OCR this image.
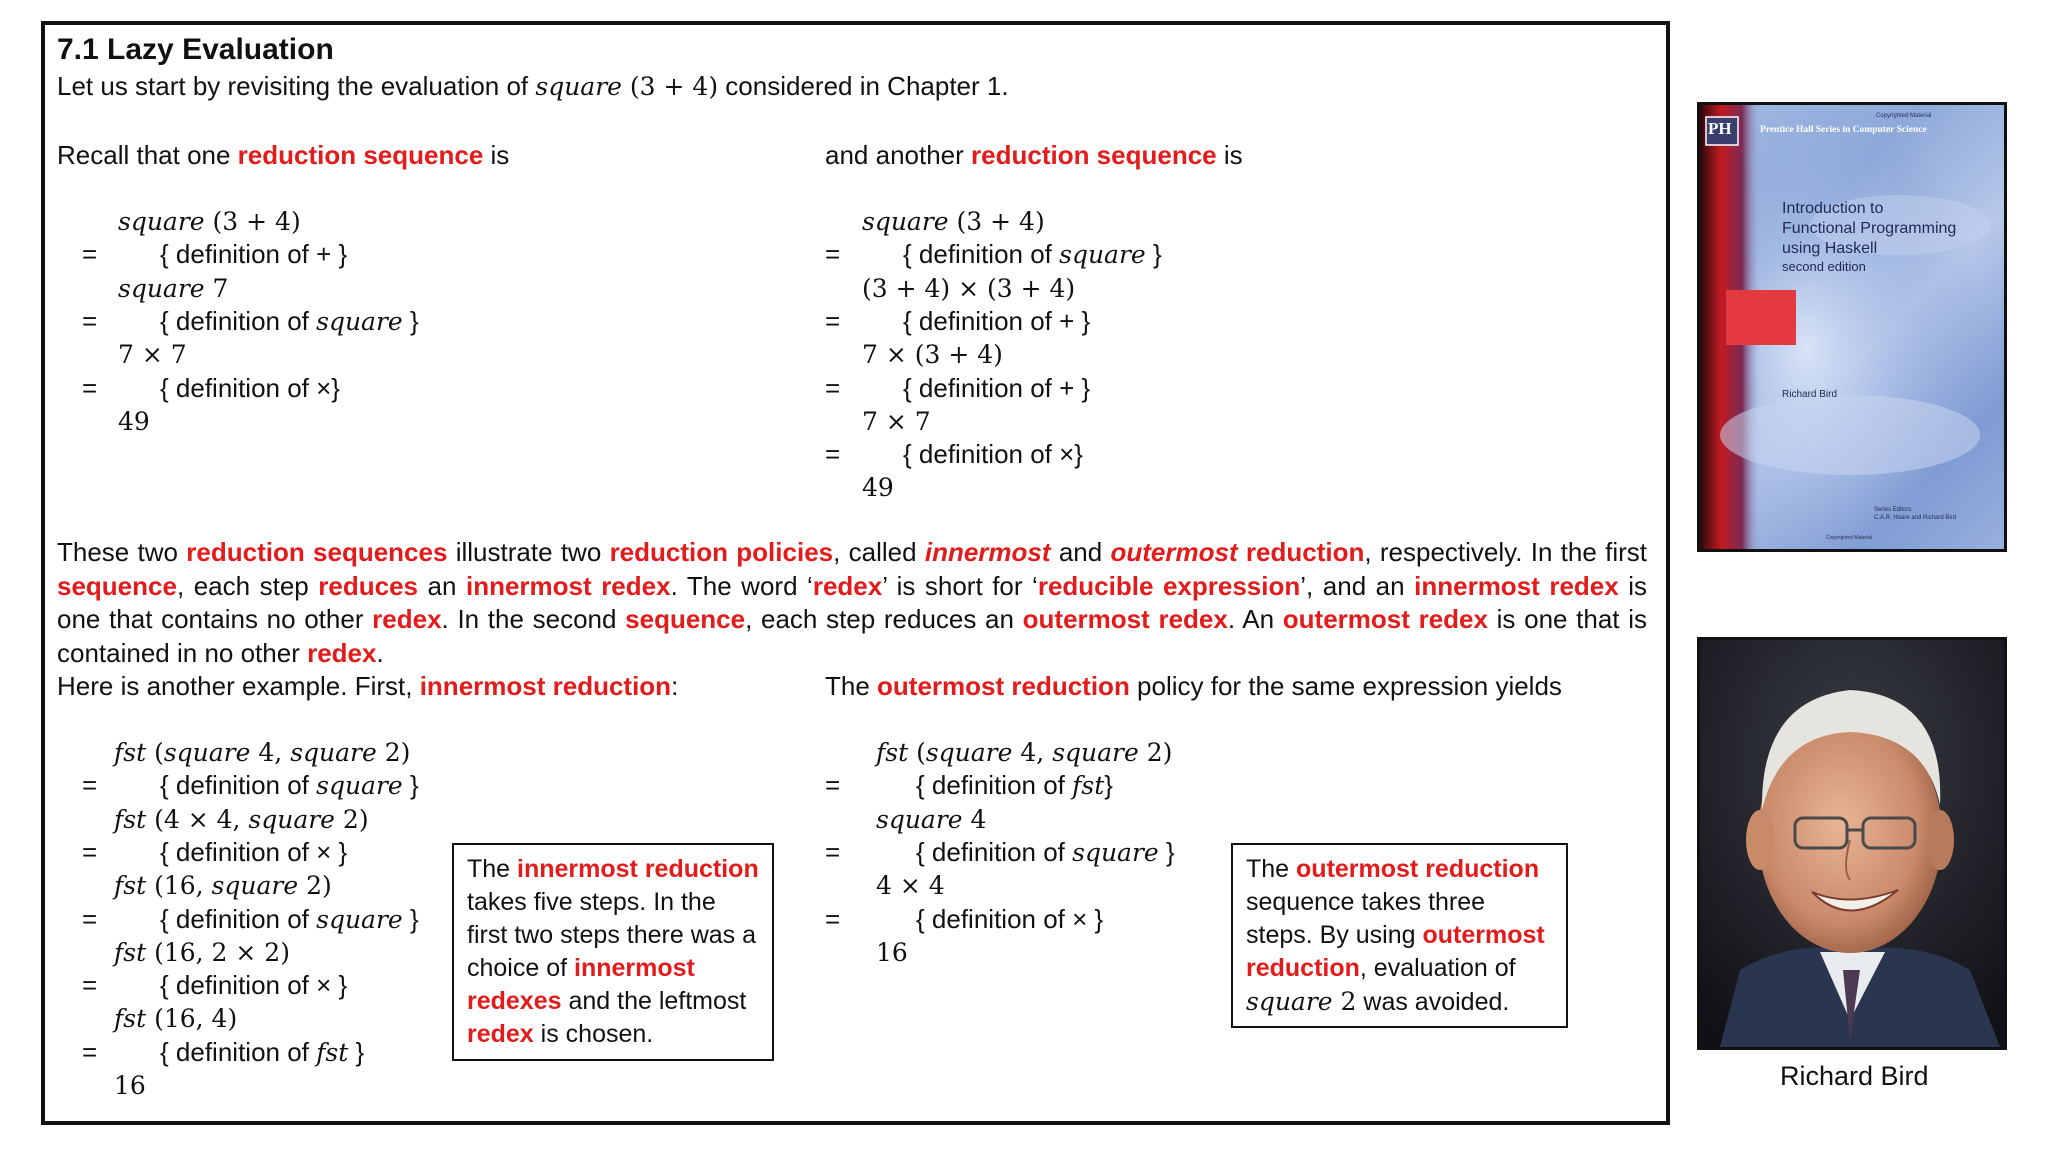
7.1 Lazy Evaluation
Let us start by revisiting the evaluation of square (3 + 4) considered in Chapter 1.
Recall that one reduction sequence is	and another reduction sequence is
square (3 + 4)
= { definition of + }
square 7
= { definition of square }
7 × 7
= { definition of ×}
49
square (3 + 4)
= { definition of square }
(3 + 4) × (3 + 4)
= { definition of + }
7 × (3 + 4)
= { definition of + }
7 × 7
= { definition of ×}
49
These two reduction sequences illustrate two reduction policies, called innermost and outermost reduction, respectively. In the first sequence, each step reduces an innermost redex. The word ‘redex’ is short for ‘reducible expression’, and an innermost redex is one that contains no other redex. In the second sequence, each step reduces an outermost redex. An outermost redex is one that is contained in no other redex.
Here is another example. First, innermost reduction:	The outermost reduction policy for the same expression yields
fst (square 4, square 2)
= { definition of square }
fst (4 × 4, square 2)
= { definition of × }
fst (16, square 2)
= { definition of square }
fst (16, 2 × 2)
= { definition of × }
fst (16, 4)
= { definition of fst }
16
fst (square 4, square 2)
=	{ definition of fst}
square 4
=	{ definition of square }
4 × 4
=	{ definition of × }
16
The innermost reduction takes five steps. In the first two steps there was a choice of innermost redexes and the leftmost redex is chosen.
The outermost reduction sequence takes three steps. By using outermost reduction, evaluation of square 2 was avoided.
PH
Copyrighted Material
Prentice Hall Series in Computer Science
Introduction to
Functional Programming
using Haskell
second edition
Richard Bird
Series Editors
C.A.R. Hoare and Richard Bird
Copyrighted Material
Richard Bird
